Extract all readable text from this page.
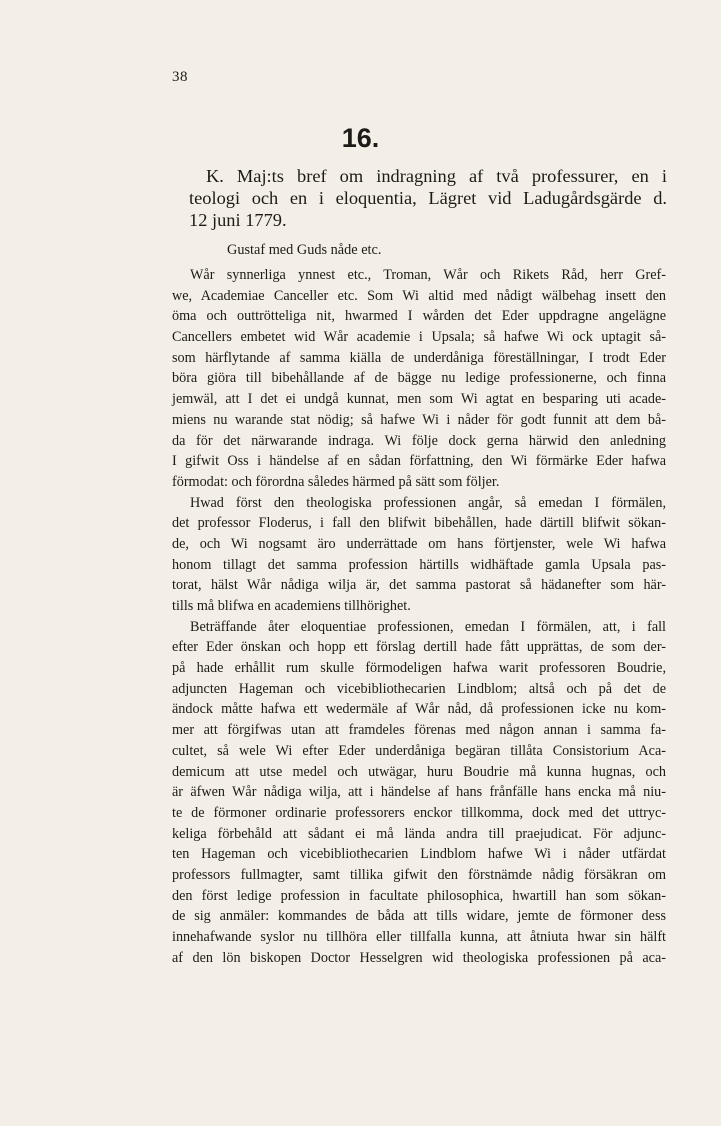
38
16.
K. Maj:ts bref om indragning af två professurer, en i
teologi och en i eloquentia, Lägret vid Ladugårdsgärde d.
12 juni 1779.
Gustaf med Guds nåde etc.
Wår synnerliga ynnest etc., Troman, Wår och Rikets Råd, herr Gref-
we, Academiae Canceller etc. Som Wi altid med nådigt wälbehag insett den
öma och outtrötteliga nit, hwarmed I wården det Eder uppdragne angelägne
Cancellers embetet wid Wår academie i Upsala; så hafwe Wi ock uptagit så-
som härflytande af samma kiälla de underdåniga föreställningar, I trodt Eder
böra giöra till bibehållande af de bägge nu ledige professionerne, och finna
jemwäl, att I det ei undgå kunnat, men som Wi agtat en besparing uti acade-
miens nu warande stat nödig; så hafwe Wi i nåder för godt funnit att dem bå-
da för det närwarande indraga. Wi följe dock gerna härwid den anledning
I gifwit Oss i händelse af en sådan författning, den Wi förmärke Eder hafwa
förmodat: och förordna således härmed på sätt som följer.
Hwad först den theologiska professionen angår, så emedan I förmälen,
det professor Floderus, i fall den blifwit bibehållen, hade därtill blifwit sökan-
de, och Wi nogsamt äro underrättade om hans förtjenster, wele Wi hafwa
honom tillagt det samma profession härtills widhäftade gamla Upsala pas-
torat, hälst Wår nådiga wilja är, det samma pastorat så hädanefter som här-
tills må blifwa en academiens tillhörighet.
Beträffande åter eloquentiae professionen, emedan I förmälen, att, i fall
efter Eder önskan och hopp ett förslag dertill hade fått upprättas, de som der-
på hade erhållit rum skulle förmodeligen hafwa warit professoren Boudrie,
adjuncten Hageman och vicebibliothecarien Lindblom; altså och på det de
ändock måtte hafwa ett wedermäle af Wår nåd, då professionen icke nu kom-
mer att förgifwas utan att framdeles förenas med någon annan i samma fa-
cultet, så wele Wi efter Eder underdåniga begäran tillåta Consistorium Aca-
demicum att utse medel och utwägar, huru Boudrie må kunna hugnas, och
är äfwen Wår nådiga wilja, att i händelse af hans frånfälle hans encka må niu-
te de förmoner ordinarie professorers enckor tillkomma, dock med det uttryc-
keliga förbehåld att sådant ei må lända andra till praejudicat. För adjunc-
ten Hageman och vicebibliothecarien Lindblom hafwe Wi i nåder utfärdat
professors fullmagter, samt tillika gifwit den förstnämde nådig försäkran om
den först ledige profession in facultate philosophica, hwartill han som sökan-
de sig anmäler: kommandes de båda att tills widare, jemte de förmoner dess
innehafwande syslor nu tillhöra eller tillfalla kunna, att åtniuta hwar sin hälft
af den lön biskopen Doctor Hesselgren wid theologiska professionen på aca-
